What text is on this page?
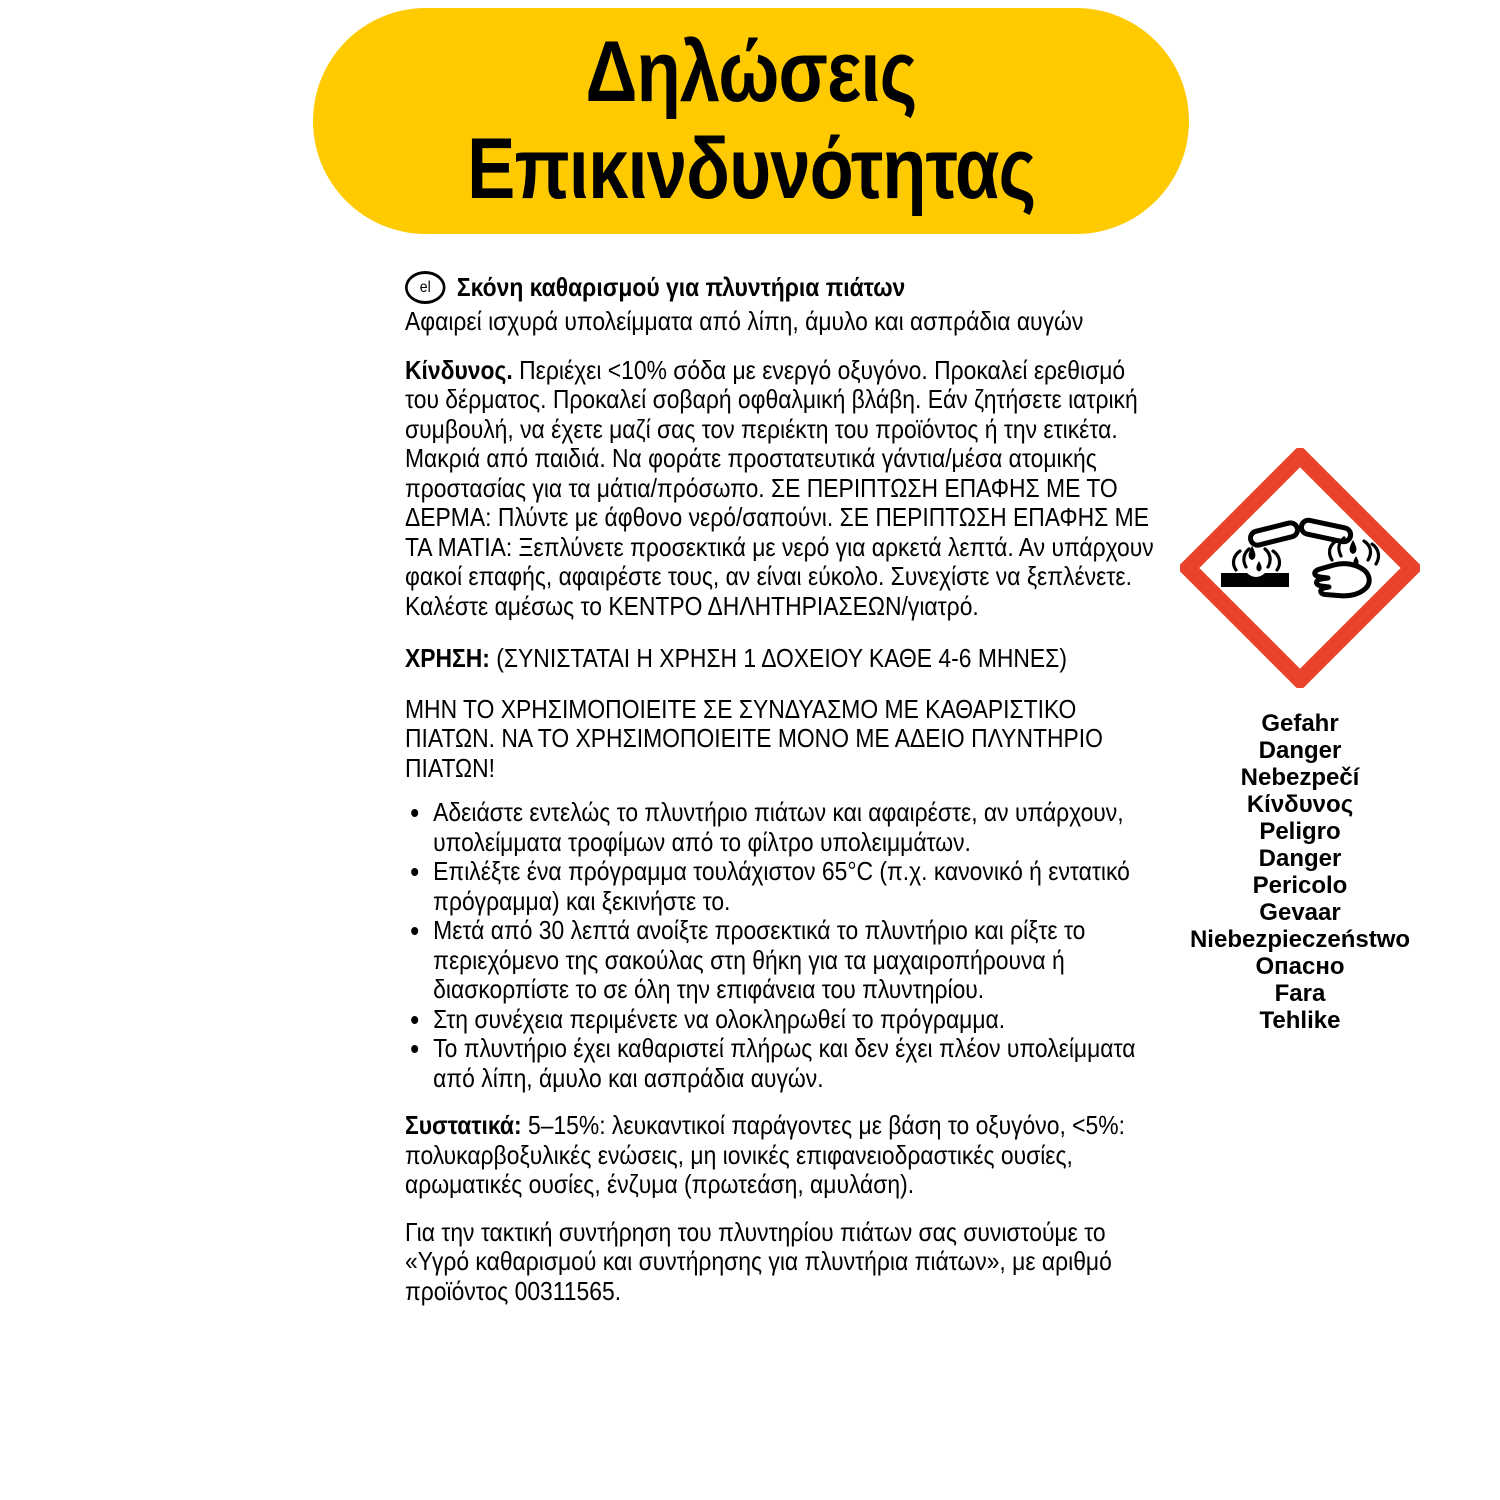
Δηλώσεις
Επικινδυνότητας
el	Σκόνη καθαρισμού για πλυντήρια πιάτων

Αφαιρεί ισχυρά υπολείμματα από λίπη, άμυλο και ασπράδια αυγών

Κίνδυνος. Περιέχει <10% σόδα με ενεργό οξυγόνο. Προκαλεί ερεθισμό του δέρματος. Προκαλεί σοβαρή οφθαλμική βλάβη. Εάν ζητήσετε ιατρική συμβουλή, να έχετε μαζί σας τον περιέκτη του προϊόντος ή την ετικέτα. Μακριά από παιδιά. Να φοράτε προστατευτικά γάντια/μέσα ατομικής προστασίας για τα μάτια/πρόσωπο. ΣΕ ΠΕΡΙΠΤΩΣΗ ΕΠΑΦΗΣ ΜΕ ΤΟ ΔΕΡΜΑ: Πλύντε με άφθονο νερό/σαπούνι. ΣΕ ΠΕΡΙΠΤΩΣΗ ΕΠΑΦΗΣ ΜΕ ΤΑ ΜΑΤΙΑ: Ξεπλύνετε προσεκτικά με νερό για αρκετά λεπτά. Αν υπάρχουν φακοί επαφής, αφαιρέστε τους, αν είναι εύκολο. Συνεχίστε να ξεπλένετε. Καλέστε αμέσως το ΚΕΝΤΡΟ ΔΗΛΗΤΗΡΙΑΣΕΩΝ/γιατρό.

ΧΡΗΣΗ: (ΣΥΝΙΣΤΑΤΑΙ Η ΧΡΗΣΗ 1 ΔΟΧΕΙΟΥ ΚΑΘΕ 4-6 ΜΗΝΕΣ)

ΜΗΝ ΤΟ ΧΡΗΣΙΜΟΠΟΙΕΙΤΕ ΣΕ ΣΥΝΔΥΑΣΜΟ ΜΕ ΚΑΘΑΡΙΣΤΙΚΟ ΠΙΑΤΩΝ. ΝΑ ΤΟ ΧΡΗΣΙΜΟΠΟΙΕΙΤΕ ΜΟΝΟ ΜΕ ΑΔΕΙΟ ΠΛΥΝΤΗΡΙΟ ΠΙΑΤΩΝ!

• Αδειάστε εντελώς το πλυντήριο πιάτων και αφαιρέστε, αν υπάρχουν, υπολείμματα τροφίμων από το φίλτρο υπολειμμάτων.
• Επιλέξτε ένα πρόγραμμα τουλάχιστον 65°C (π.χ. κανονικό ή εντατικό πρόγραμμα) και ξεκινήστε το.
• Μετά από 30 λεπτά ανοίξτε προσεκτικά το πλυντήριο και ρίξτε το περιεχόμενο της σακούλας στη θήκη για τα μαχαιροπήρουνα ή διασκορπίστε το σε όλη την επιφάνεια του πλυντηρίου.
• Στη συνέχεια περιμένετε να ολοκληρωθεί το πρόγραμμα.
• Το πλυντήριο έχει καθαριστεί πλήρως και δεν έχει πλέον υπολείμματα από λίπη, άμυλο και ασπράδια αυγών.

Συστατικά: 5–15%: λευκαντικοί παράγοντες με βάση το οξυγόνο, <5%: πολυκαρβοξυλικές ενώσεις, μη ιονικές επιφανειοδραστικές ουσίες, αρωματικές ουσίες, ένζυμα (πρωτεάση, αμυλάση).

Για την τακτική συντήρηση του πλυντηρίου πιάτων σας συνιστούμε το «Υγρό καθαρισμού και συντήρησης για πλυντήρια πιάτων», με αριθμό προϊόντος 00311565.

Gefahr
Danger
Nebezpečí
Κίνδυνος
Peligro
Danger
Pericolo
Gevaar
Niebezpieczeństwo
Опасно
Fara
Tehlike
